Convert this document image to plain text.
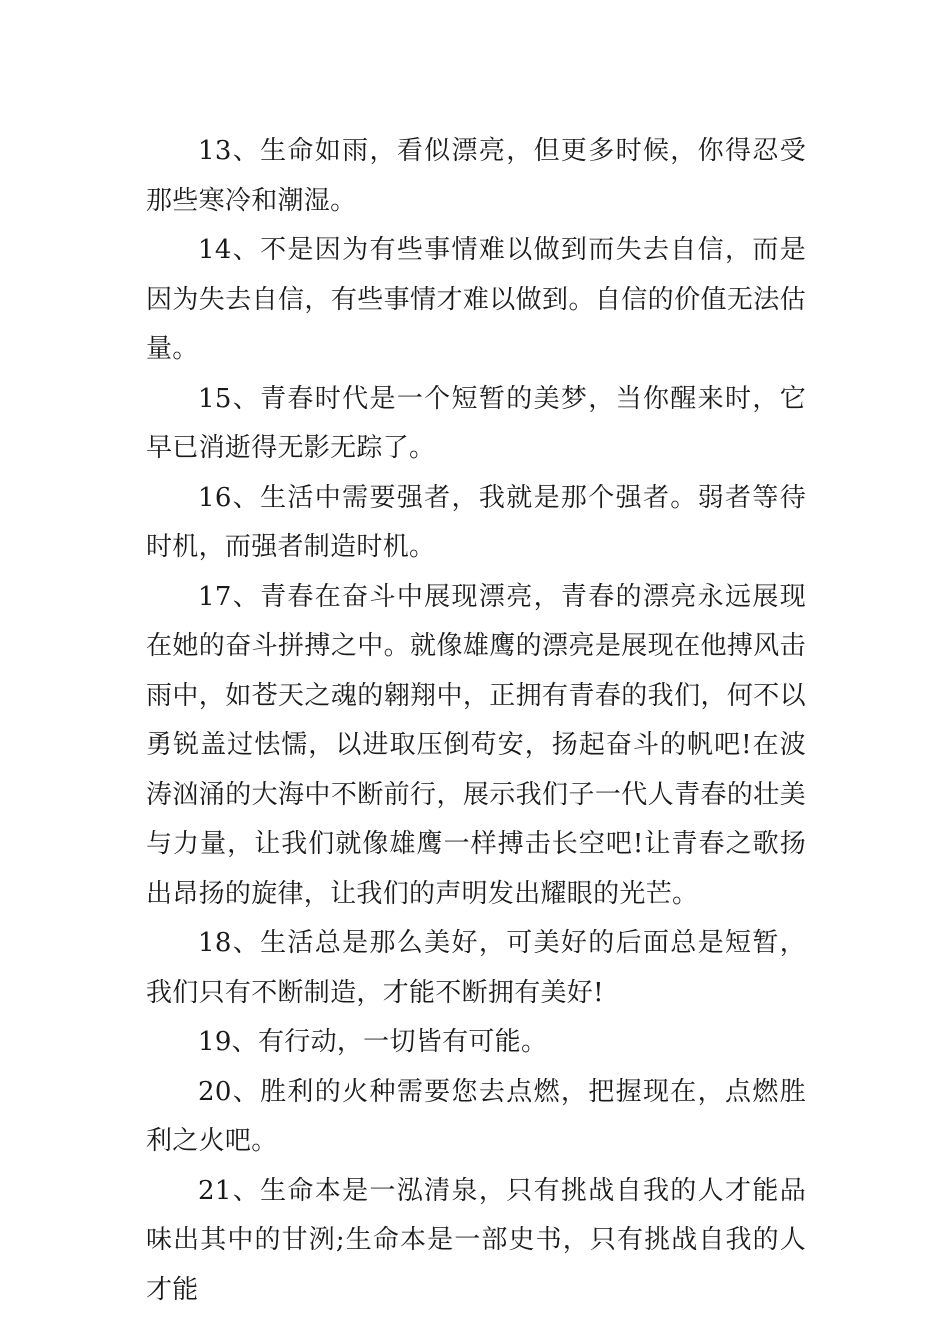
13、生命如雨，看似漂亮，但更多时候，你得忍受那些寒冷和潮湿。

14、不是因为有些事情难以做到而失去自信，而是因为失去自信，有些事情才难以做到。自信的价值无法估量。

15、青春时代是一个短暂的美梦，当你醒来时，它早已消逝得无影无踪了。

16、生活中需要强者，我就是那个强者。弱者等待时机，而强者制造时机。

17、青春在奋斗中展现漂亮，青春的漂亮永远展现在她的奋斗拼搏之中。就像雄鹰的漂亮是展现在他搏风击雨中，如苍天之魂的翱翔中，正拥有青春的我们，何不以勇锐盖过怯懦，以进取压倒苟安，扬起奋斗的帆吧!在波涛汹涌的大海中不断前行，展示我们子一代人青春的壮美与力量，让我们就像雄鹰一样搏击长空吧!让青春之歌扬出昂扬的旋律，让我们的声明发出耀眼的光芒。

18、生活总是那么美好，可美好的后面总是短暂，我们只有不断制造，才能不断拥有美好!

19、有行动，一切皆有可能。

20、胜利的火种需要您去点燃，把握现在，点燃胜利之火吧。

21、生命本是一泓清泉，只有挑战自我的人才能品味出其中的甘洌;生命本是一部史书，只有挑战自我的人才能
